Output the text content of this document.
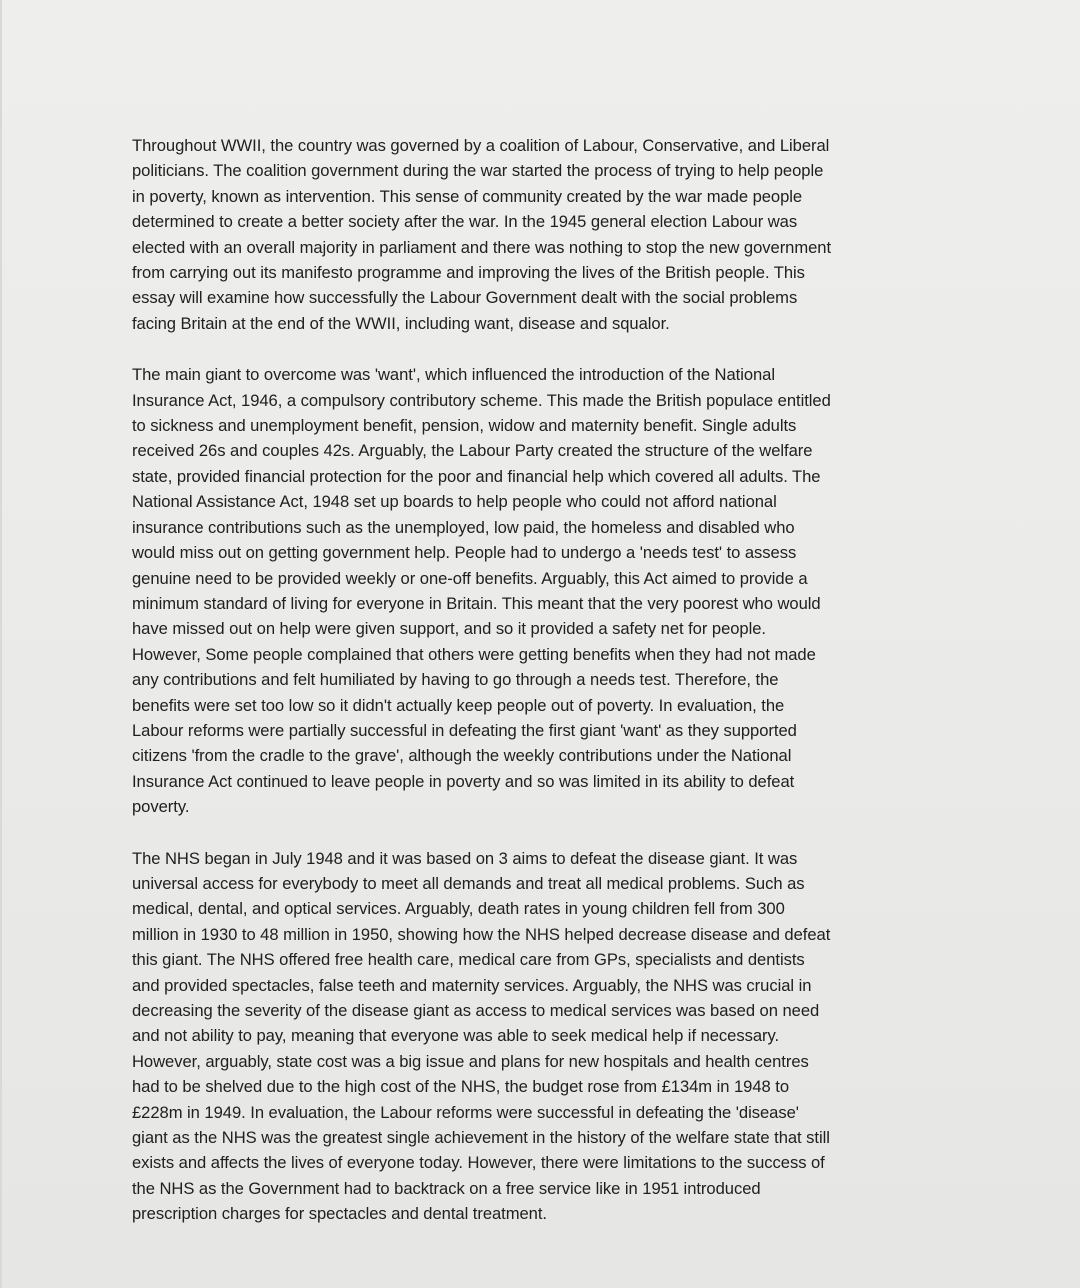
Throughout WWII, the country was governed by a coalition of Labour, Conservative, and Liberal
politicians. The coalition government during the war started the process of trying to help people
in poverty, known as intervention. This sense of community created by the war made people
determined to create a better society after the war. In the 1945 general election Labour was
elected with an overall majority in parliament and there was nothing to stop the new government
from carrying out its manifesto programme and improving the lives of the British people. This
essay will examine how successfully the Labour Government dealt with the social problems
facing Britain at the end of the WWII, including want, disease and squalor.

The main giant to overcome was 'want', which influenced the introduction of the National
Insurance Act, 1946, a compulsory contributory scheme. This made the British populace entitled
to sickness and unemployment benefit, pension, widow and maternity benefit. Single adults
received 26s and couples 42s. Arguably, the Labour Party created the structure of the welfare
state, provided financial protection for the poor and financial help which covered all adults. The
National Assistance Act, 1948 set up boards to help people who could not afford national
insurance contributions such as the unemployed, low paid, the homeless and disabled who
would miss out on getting government help. People had to undergo a 'needs test' to assess
genuine need to be provided weekly or one-off benefits. Arguably, this Act aimed to provide a
minimum standard of living for everyone in Britain. This meant that the very poorest who would
have missed out on help were given support, and so it provided a safety net for people.
However, Some people complained that others were getting benefits when they had not made
any contributions and felt humiliated by having to go through a needs test. Therefore, the
benefits were set too low so it didn't actually keep people out of poverty. In evaluation, the
Labour reforms were partially successful in defeating the first giant 'want' as they supported
citizens 'from the cradle to the grave', although the weekly contributions under the National
Insurance Act continued to leave people in poverty and so was limited in its ability to defeat
poverty.

The NHS began in July 1948 and it was based on 3 aims to defeat the disease giant. It was
universal access for everybody to meet all demands and treat all medical problems. Such as
medical, dental, and optical services. Arguably, death rates in young children fell from 300
million in 1930 to 48 million in 1950, showing how the NHS helped decrease disease and defeat
this giant. The NHS offered free health care, medical care from GPs, specialists and dentists
and provided spectacles, false teeth and maternity services. Arguably, the NHS was crucial in
decreasing the severity of the disease giant as access to medical services was based on need
and not ability to pay, meaning that everyone was able to seek medical help if necessary.
However, arguably, state cost was a big issue and plans for new hospitals and health centres
had to be shelved due to the high cost of the NHS, the budget rose from £134m in 1948 to
£228m in 1949. In evaluation, the Labour reforms were successful in defeating the 'disease'
giant as the NHS was the greatest single achievement in the history of the welfare state that still
exists and affects the lives of everyone today. However, there were limitations to the success of
the NHS as the Government had to backtrack on a free service like in 1951 introduced
prescription charges for spectacles and dental treatment.
